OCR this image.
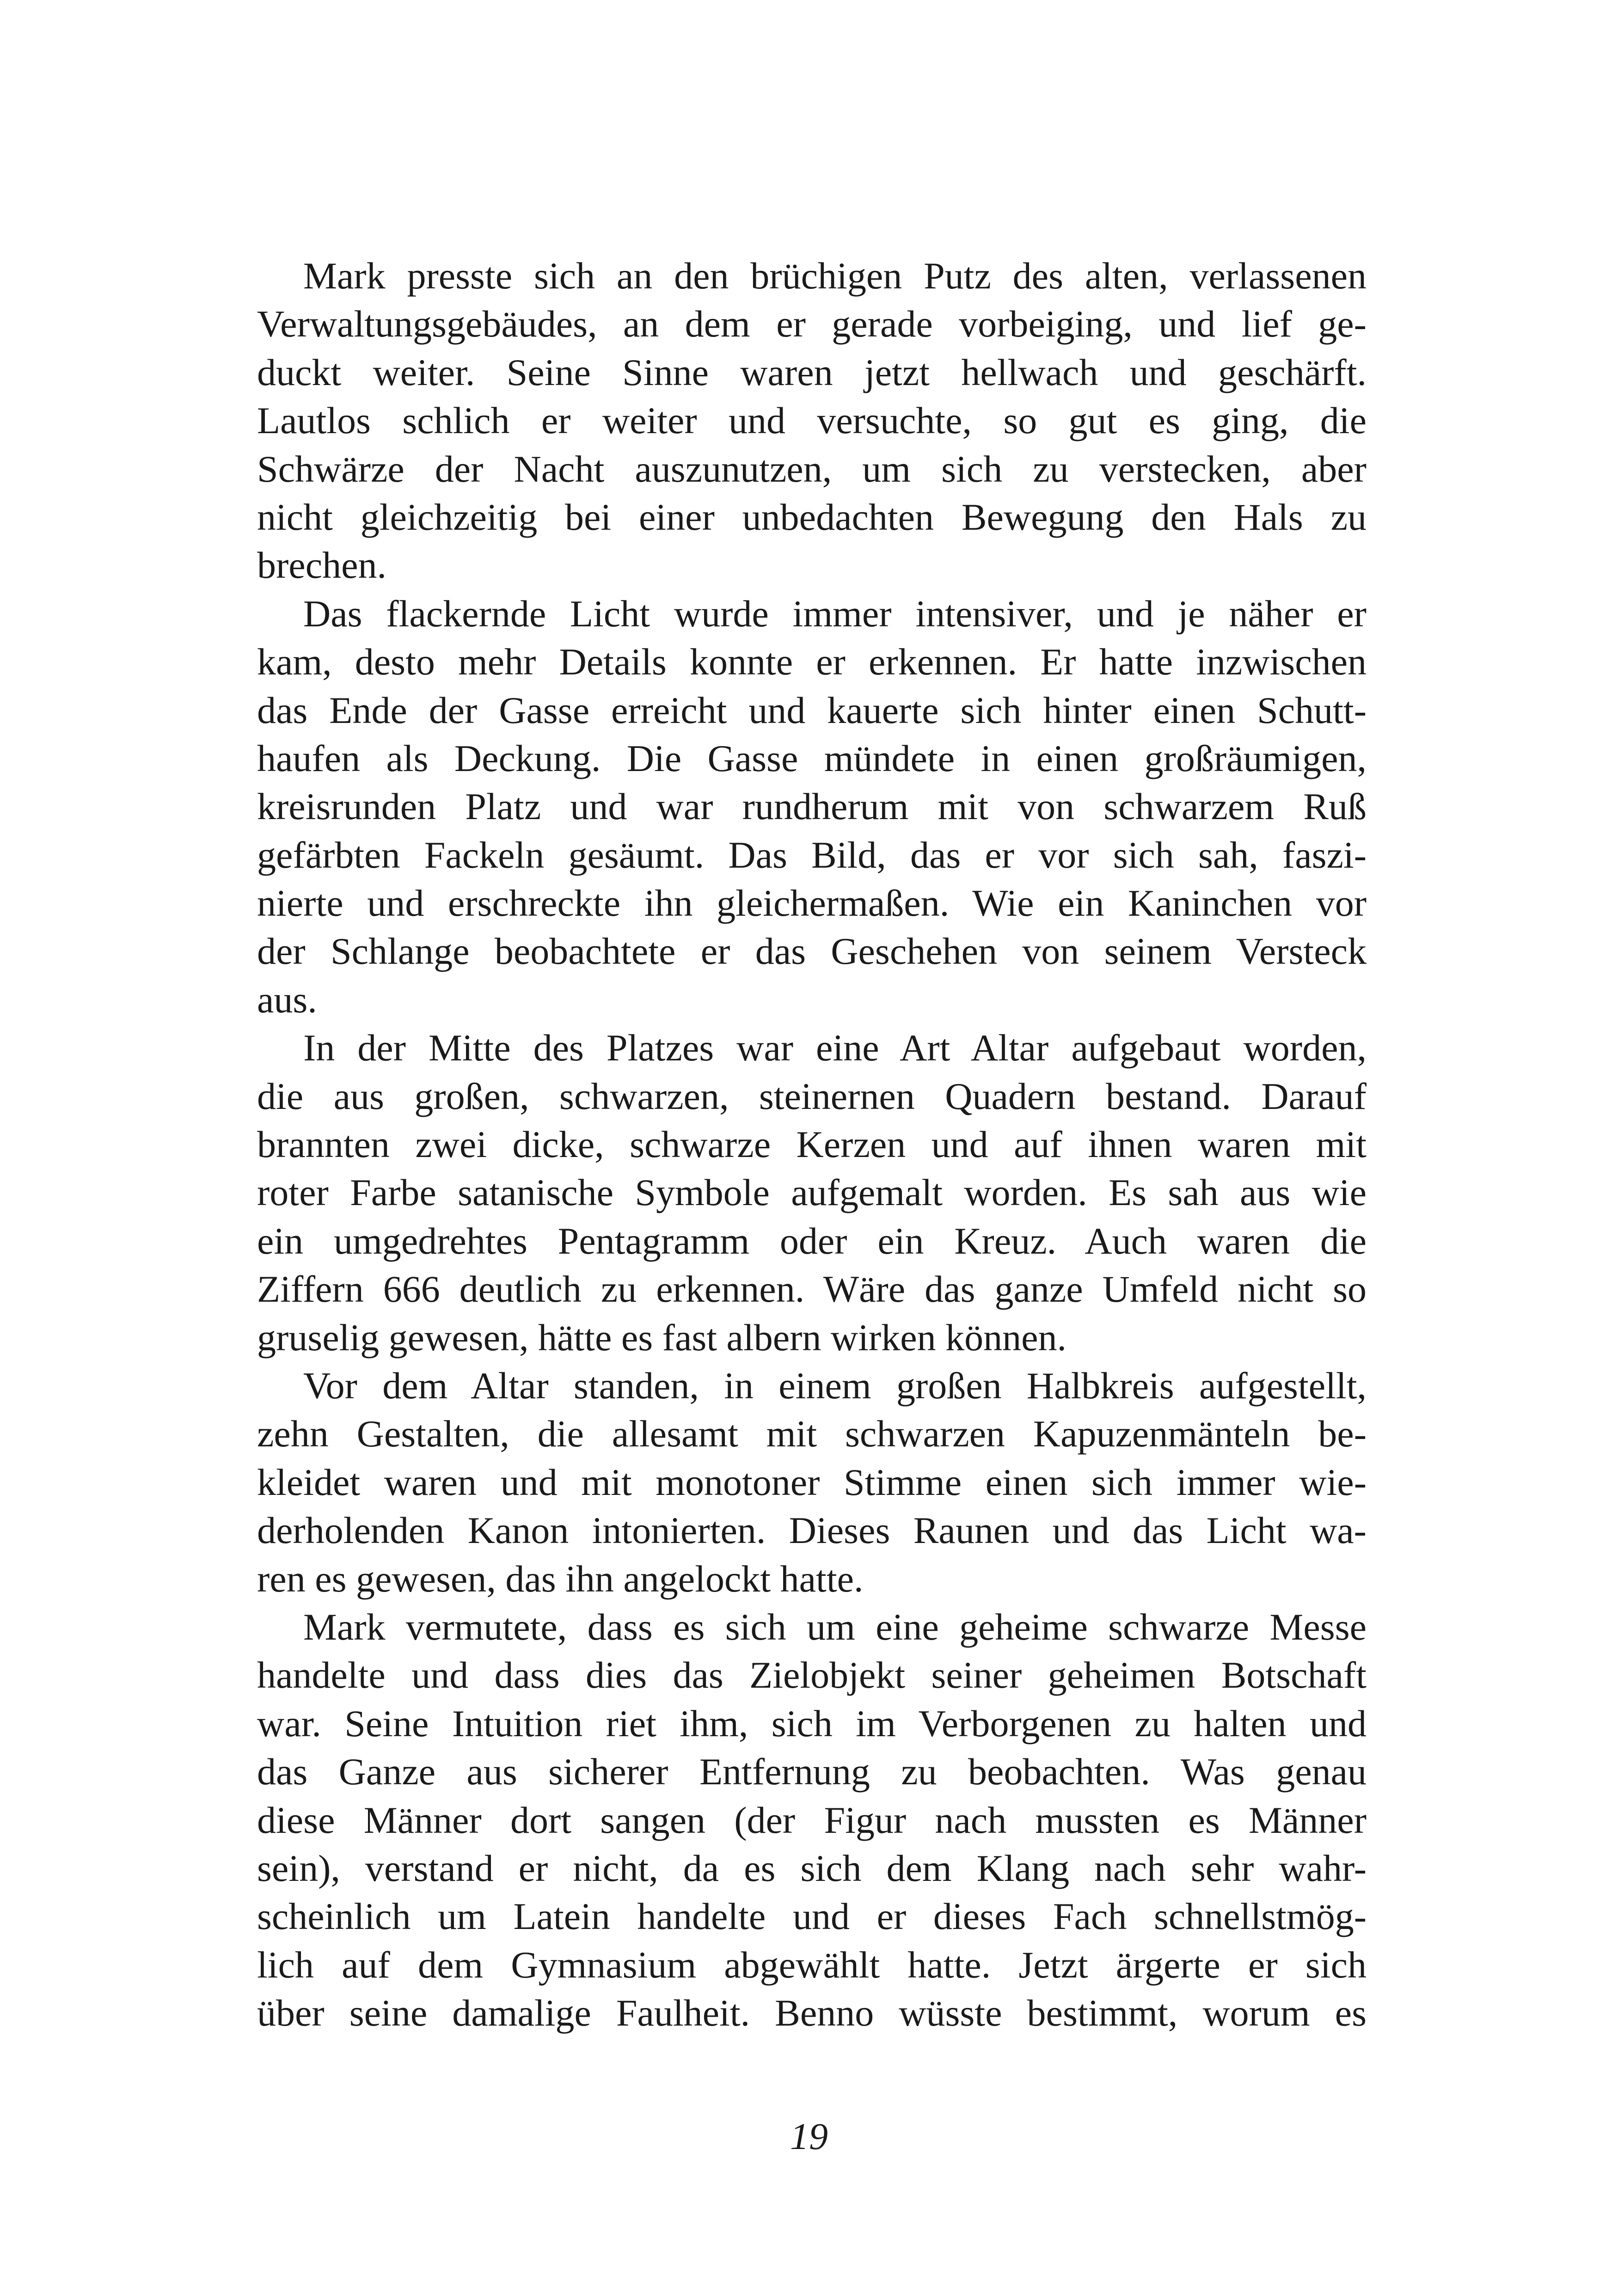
Mark presste sich an den brüchigen Putz des alten, verlassenen
Verwaltungsgebäudes, an dem er gerade vorbeiging, und lief ge-
duckt weiter. Seine Sinne waren jetzt hellwach und geschärft.
Lautlos schlich er weiter und versuchte, so gut es ging, die
Schwärze der Nacht auszunutzen, um sich zu verstecken, aber
nicht gleichzeitig bei einer unbedachten Bewegung den Hals zu
brechen.
Das flackernde Licht wurde immer intensiver, und je näher er
kam, desto mehr Details konnte er erkennen. Er hatte inzwischen
das Ende der Gasse erreicht und kauerte sich hinter einen Schutt-
haufen als Deckung. Die Gasse mündete in einen großräumigen,
kreisrunden Platz und war rundherum mit von schwarzem Ruß
gefärbten Fackeln gesäumt. Das Bild, das er vor sich sah, faszi-
nierte und erschreckte ihn gleichermaßen. Wie ein Kaninchen vor
der Schlange beobachtete er das Geschehen von seinem Versteck
aus.
In der Mitte des Platzes war eine Art Altar aufgebaut worden,
die aus großen, schwarzen, steinernen Quadern bestand. Darauf
brannten zwei dicke, schwarze Kerzen und auf ihnen waren mit
roter Farbe satanische Symbole aufgemalt worden. Es sah aus wie
ein umgedrehtes Pentagramm oder ein Kreuz. Auch waren die
Ziffern 666 deutlich zu erkennen. Wäre das ganze Umfeld nicht so
gruselig gewesen, hätte es fast albern wirken können.
Vor dem Altar standen, in einem großen Halbkreis aufgestellt,
zehn Gestalten, die allesamt mit schwarzen Kapuzenmänteln be-
kleidet waren und mit monotoner Stimme einen sich immer wie-
derholenden Kanon intonierten. Dieses Raunen und das Licht wa-
ren es gewesen, das ihn angelockt hatte.
Mark vermutete, dass es sich um eine geheime schwarze Messe
handelte und dass dies das Zielobjekt seiner geheimen Botschaft
war. Seine Intuition riet ihm, sich im Verborgenen zu halten und
das Ganze aus sicherer Entfernung zu beobachten. Was genau
diese Männer dort sangen (der Figur nach mussten es Männer
sein), verstand er nicht, da es sich dem Klang nach sehr wahr-
scheinlich um Latein handelte und er dieses Fach schnellstmög-
lich auf dem Gymnasium abgewählt hatte. Jetzt ärgerte er sich
über seine damalige Faulheit. Benno wüsste bestimmt, worum es
19
